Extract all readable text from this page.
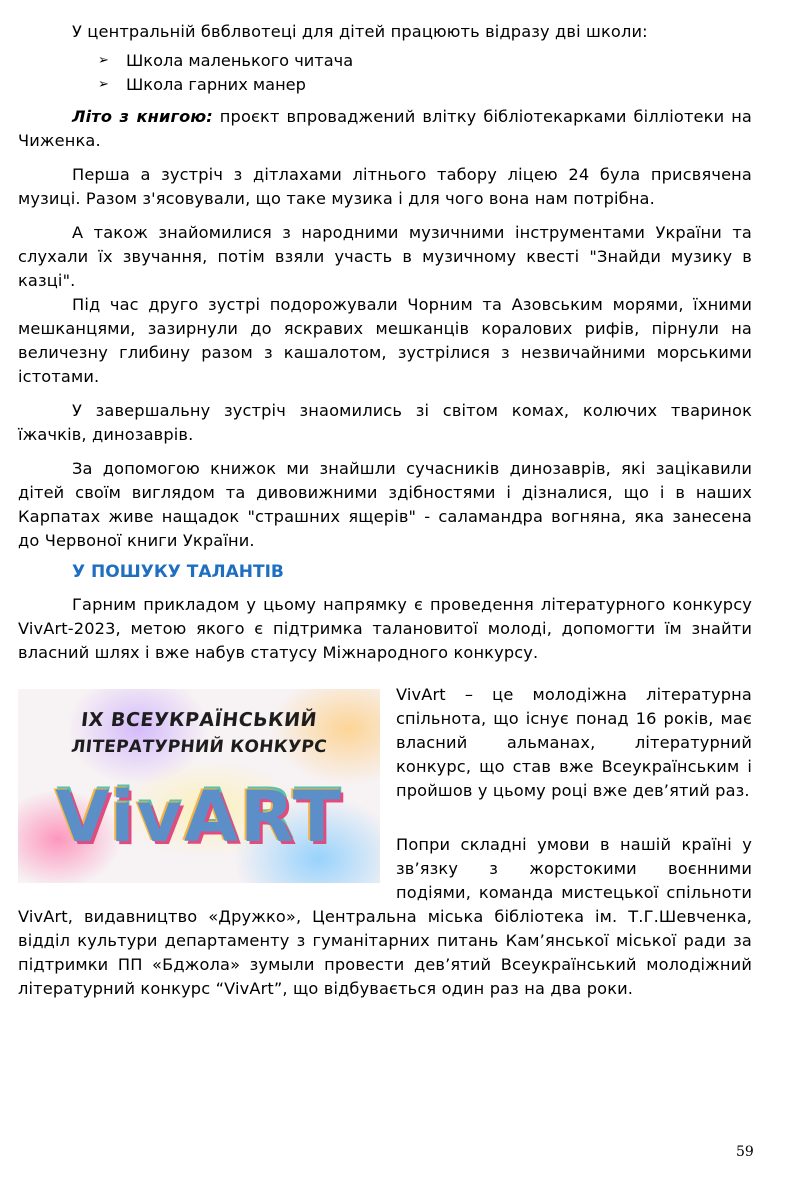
У центральній бвблвотеці для дітей працюють відразу дві школи:

➢ Школа маленького читача
➢ Школа гарних манер

Літо з книгою: проєкт впроваджений влітку бібліотекарками білліотеки на Чиженка.

Перша а зустріч з дітлахами літнього табору ліцею 24 була присвячена музиці. Разом з'ясовували, що таке музика і для чого вона нам потрібна.

А також знайомилися з народними музичними інструментами України та слухали їх звучання, потім взяли участь в музичному квесті "Знайди музику в казці".

Під час друго зустрі подорожували Чорним та Азовським морями, їхними мешканцями, зазирнули до яскравих мешканців коралових рифів, пірнули на величезну глибину разом з кашалотом, зустрілися з незвичайними морськими істотами.

У завершальну зустріч знаомились зі світом комах, колючих тваринок їжачків, динозаврів.

За допомогою книжок ми знайшли сучасників динозаврів, які зацікавили дітей своїм виглядом та дивовижними здібностями і дізналися, що і в наших Карпатах живе нащадок "страшних ящерів" - саламандра вогняна, яка занесена до Червоної книги України.

У ПОШУКУ ТАЛАНТІВ

Гарним прикладом у цьому напрямку є проведення літературного конкурсу VivArt-2023, метою якого є підтримка талановитої молоді, допомогти їм знайти власний шлях і вже набув статусу Міжнародного конкурсу.

IX ВСЕУКРАЇНСЬКИЙ
ЛІТЕРАТУРНИЙ КОНКУРС
VivART

VivArt – це молодіжна літературна спільнота, що існує понад 16 років, має власний альманах, літературний конкурс, що став вже Всеукраїнським і пройшов у цьому році вже дев’ятий раз.

Попри складні умови в нашій країні у зв’язку з жорстокими воєнними подіями, команда мистецької спільноти VivArt, видавництво «Дружко», Центральна міська бібліотека ім. Т.Г.Шевченка, відділ культури департаменту з гуманітарних питань Кам’янської міської ради за підтримки ПП «Бджола» зумыли провести дев’ятий Всеукраїнський молодіжний літературний конкурс “VivArt”, що відбувається один раз на два роки.

59
